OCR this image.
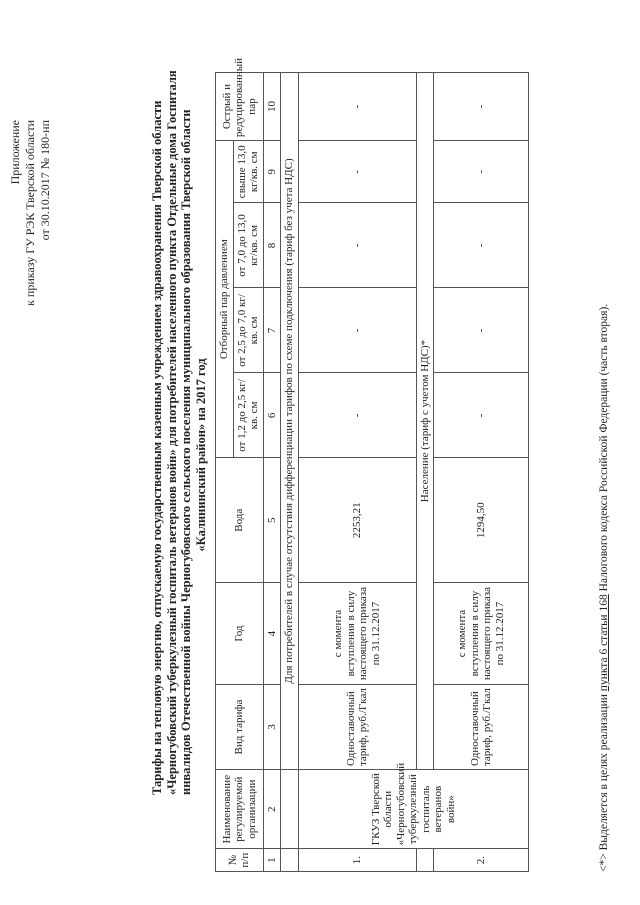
Приложение к приказу ГУ РЭК Тверской области от 30.10.2017 № 180-нп	Тарифы на тепловую энергию, отпускаемую государственным казенным учреждением здравоохранения Тверской области «Черногубовский туберкулезный госпиталь ветеранов войн» для потребителей населенного пункта Отдельные дома Госпиталя инвалидов Отечественной войны Черногубовского сельского поселения муниципального образования Тверской области «Калининский район» на 2017 год
№ п/п	Наименование регулируемой организации	Вид тарифа	Год	Вода	Отборный пар давлением				Острый и редуцированный пар
					от 1,2 до 2,5 кг/кв. см	от 2,5 до 7,0 кг/кв. см	от 7,0 до 13,0 кг/кв. см	свыше 13,0 кг/кв. см	
1	2	3	4	5	6	7	8	9	10
		Для потребителей в случае отсутствия дифференциации тарифов по схеме подключения (тариф без учета НДС)							
1.	ГКУЗ Тверской области «Черногубовский туберкулезный госпиталь ветеранов войн»	Одноставочный тариф, руб./Гкал	с момента вступления в силу настоящего приказа по 31.12.2017	2253,21	-	-	-	-	-
		Население (тариф с учетом НДС)*							
2.		Одноставочный тариф, руб./Гкал	с момента вступления в силу настоящего приказа по 31.12.2017	1294,50	-	-	-	-	-
<*> Выделяется в целях реализации пункта 6 статьи 168 Налогового кодекса Российской Федерации (часть вторая).
